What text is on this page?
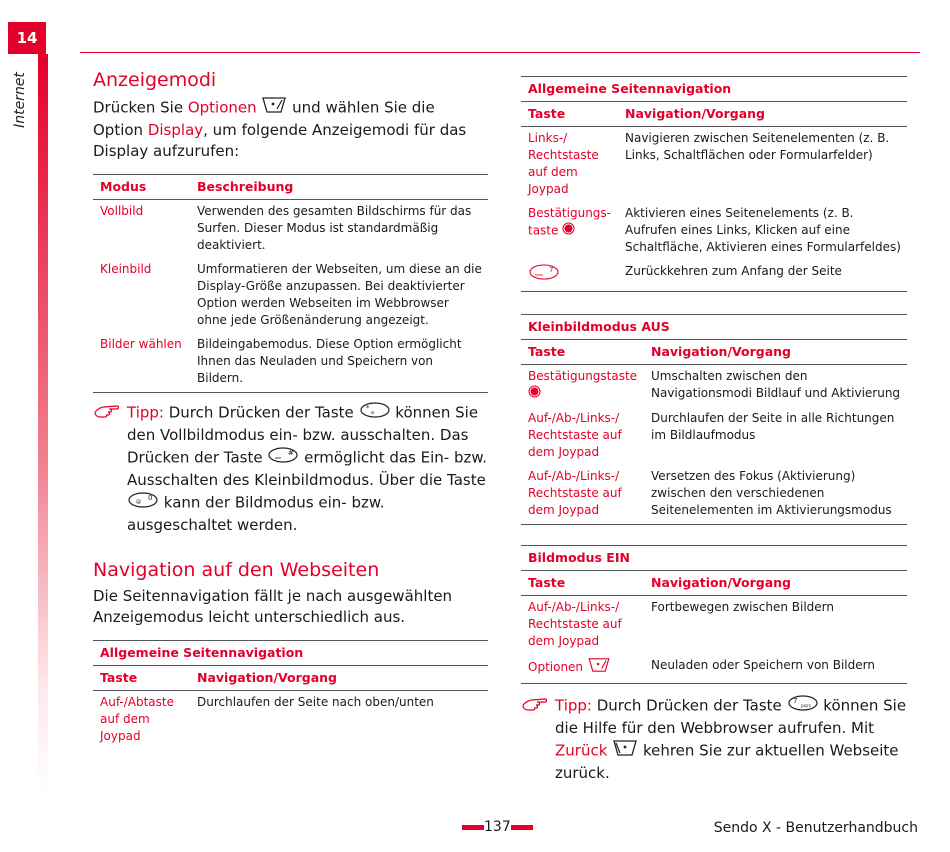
14
Internet	Anzeigemodi

Drücken Sie Optionen  und wählen Sie die Option Display, um folgende Anzeigemodi für das Display aufzurufen:

Modus	Beschreibung
Vollbild	Verwenden des gesamten Bildschirms für das Surfen. Dieser Modus ist standardmäßig deaktiviert.
Kleinbild	Umformatieren der Webseiten, um diese an die Display-Größe anzupassen. Bei deaktivierter Option werden Webseiten im Webbrowser ohne jede Größenänderung angezeigt.
Bilder wählen	Bildeingabemodus. Diese Option ermöglicht Ihnen das Neuladen und Speichern von Bildern.
Tipp: Durch Drücken der Taste *
a können Sie den Vollbildmodus ein- bzw. ausschalten. Das Drücken der Taste	# ermöglicht das Ein- bzw. Ausschalten des Kleinbildmodus. Über die Taste
@ 0 kann der Bildmodus ein- bzw. ausgeschaltet werden.
Navigation auf den Webseiten

Die Seitennavigation fällt je nach ausgewählten Anzeigemodus leicht unterschiedlich aus.

Allgemeine Seitennavigation	
Taste	Navigation/Vorgang
Auf-/Abtaste auf dem Joypad	Durchlaufen der Seite nach oben/unten
Allgemeine Seitennavigation	
Taste	Navigation/Vorgang
Links-/ Rechtstaste auf dem Joypad	Navigieren zwischen Seitenelementen (z. B. Links, Schaltflächen oder Formularfelder)
Bestätigungs- taste	Aktivieren eines Seitenelements (z. B. Aufrufen eines Links, Klicken auf eine Schaltfläche, Aktivieren eines Formularfeldes)

7	Zurückkehren zum Anfang der Seite
Kleinbildmodus AUS	
Taste	Navigation/Vorgang
Bestätigungstaste	Umschalten zwischen den Navigationsmodi Bildlauf und Aktivierung
Auf-/Ab-/Links-/ Rechtstaste auf dem Joypad	Durchlaufen der Seite in alle Richtungen im Bildlaufmodus
Auf-/Ab-/Links-/ Rechtstaste auf dem Joypad	Versetzen des Fokus (Aktivierung) zwischen den verschiedenen Seitenelementen im Aktivierungsmodus
Bildmodus EIN	
Taste	Navigation/Vorgang
Auf-/Ab-/Links-/ Rechtstaste auf dem Joypad	Fortbewegen zwischen Bildern
Optionen	Neuladen oder Speichern von Bildern
Tipp: Durch Drücken der Taste 7
pqrs können Sie die Hilfe für den Webbrowser aufrufen. Mit Zurück  kehren Sie zur aktuellen Webseite zurück.
137	Sendo X - Benutzerhandbuch
